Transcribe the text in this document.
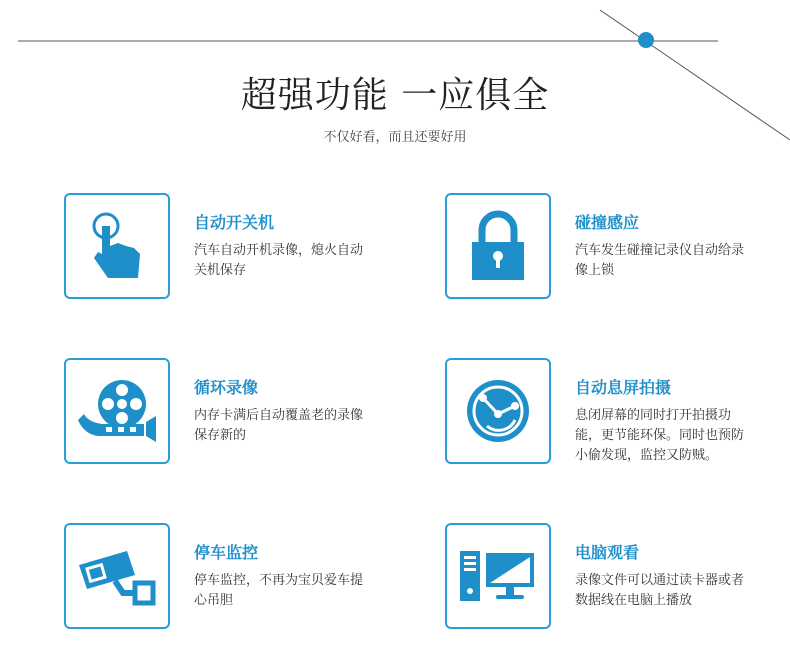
超强功能 一应俱全
不仅好看，而且还要好用
自动开关机
汽车自动开机录像，熄火自动关机保存
碰撞感应
汽车发生碰撞记录仪自动给录像上锁
循环录像
内存卡满后自动覆盖老的录像保存新的
自动息屏拍摄
息闭屏幕的同时打开拍摄功能，更节能环保。同时也预防小偷发现，监控又防贼。
停车监控
停车监控，不再为宝贝爱车提心吊胆
电脑观看
录像文件可以通过读卡器或者数据线在电脑上播放
